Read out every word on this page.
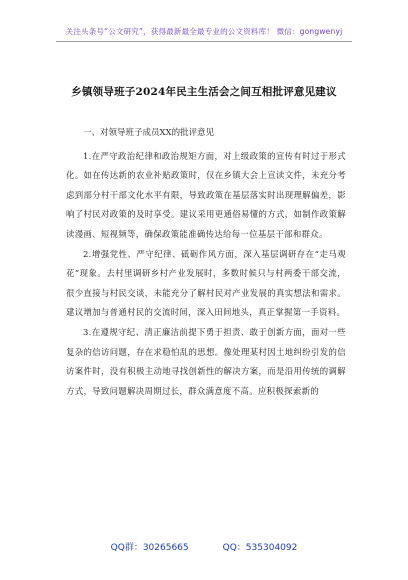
关注头条号“公文研究”，获得最新最全最专业的公文资料库！ 微信：gongwenyj
乡镇领导班子2024年民主生活会之间互相批评意见建议

一、对领导班子成员XX的批评意见

1.在严守政治纪律和政治规矩方面，对上级政策的宣传有时过于形式化。如在传达新的农业补贴政策时，仅在乡镇大会上宣读文件，未充分考虑到部分村干部文化水平有限，导致政策在基层落实时出现理解偏差，影响了村民对政策的及时享受。建议采用更通俗易懂的方式，如制作政策解读漫画、短视频等，确保政策能准确传达给每一位基层干部和群众。

2.增强党性、严守纪律、砥砺作风方面，深入基层调研存在“走马观花”现象。去村里调研乡村产业发展时，多数时候只与村两委干部交流，很少直接与村民交谈，未能充分了解村民对产业发展的真实想法和需求。建议增加与普通村民的交流时间，深入田间地头，真正掌握第一手资料。

3.在遵规守纪、清正廉洁前提下勇于担责、敢于创新方面，面对一些复杂的信访问题，存在求稳怕乱的思想。像处理某村因土地纠纷引发的信访案件时，没有积极主动地寻找创新性的解决方案，而是沿用传统的调解方式，导致问题解决周期过长，群众满意度不高。应积极探索新的

QQ群：30265665	QQ：535304092
